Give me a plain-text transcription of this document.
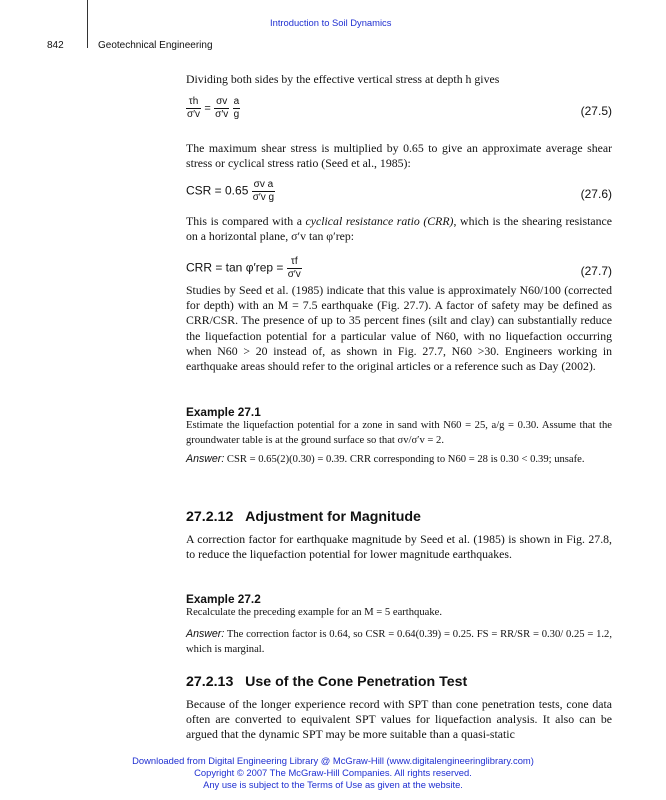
Introduction to Soil Dynamics
842	Geotechnical Engineering
Dividing both sides by the effective vertical stress at depth h gives
$\frac{\tau h}{\sigma'v} = \frac{\sigma v}{\sigma'v}$
$\frac{a}{g}$	(27.5)
The maximum shear stress is multiplied by 0.65 to give an approximate average shear stress or cyclical stress ratio (Seed et al., 1985):
CSR = $0.65 \frac{\text{σv a}}{\text{σ′v g}}$	(27.6)
This is compared with a cyclical resistance ratio (CRR), which is the shearing resistance on a horizontal plane, σ′v tan φ′rep:
CRR = $\tan \varphi'rep = \frac{\tau f}{\sigma'v}$	(27.7)
Studies by Seed et al. (1985) indicate that this value is approximately N60/100 (corrected for depth) with an M = 7.5 earthquake (Fig. 27.7). A factor of safety may be defined as CRR/CSR. The presence of up to 35 percent fines (silt and clay) can substantially reduce the liquefaction potential for a particular value of N60, with no liquefaction occurring when N60 > 20 instead of, as shown in Fig. 27.7, N60 >30. Engineers working in earthquake areas should refer to the original articles or a reference such as Day (2002).
Example 27.1
Estimate the liquefaction potential for a zone in sand with N60 = 25, a/g = 0.30. Assume that the groundwater table is at the ground surface so that σv/σ′v = 2.
Answer: CSR = 0.65(2)(0.30) = 0.39. CRR corresponding to N60 = 28 is 0.30 < 0.39; unsafe.
27.2.12 Adjustment for Magnitude
A correction factor for earthquake magnitude by Seed et al. (1985) is shown in Fig. 27.8, to reduce the liquefaction potential for lower magnitude earthquakes.
Example 27.2
Recalculate the preceding example for an M = 5 earthquake.
Answer: The correction factor is 0.64, so CSR = 0.64(0.39) = 0.25. FS = RR/SR = 0.30/ 0.25 = 1.2, which is marginal.
27.2.13 Use of the Cone Penetration Test
Because of the longer experience record with SPT than cone penetration tests, cone data often are converted to equivalent SPT values for liquefaction analysis. It also can be argued that the dynamic SPT may be more suitable than a quasi-static
Downloaded from Digital Engineering Library @ McGraw-Hill (www.digitalengineeringlibrary.com)
Copyright © 2007 The McGraw-Hill Companies. All rights reserved.
Any use is subject to the Terms of Use as given at the website.
